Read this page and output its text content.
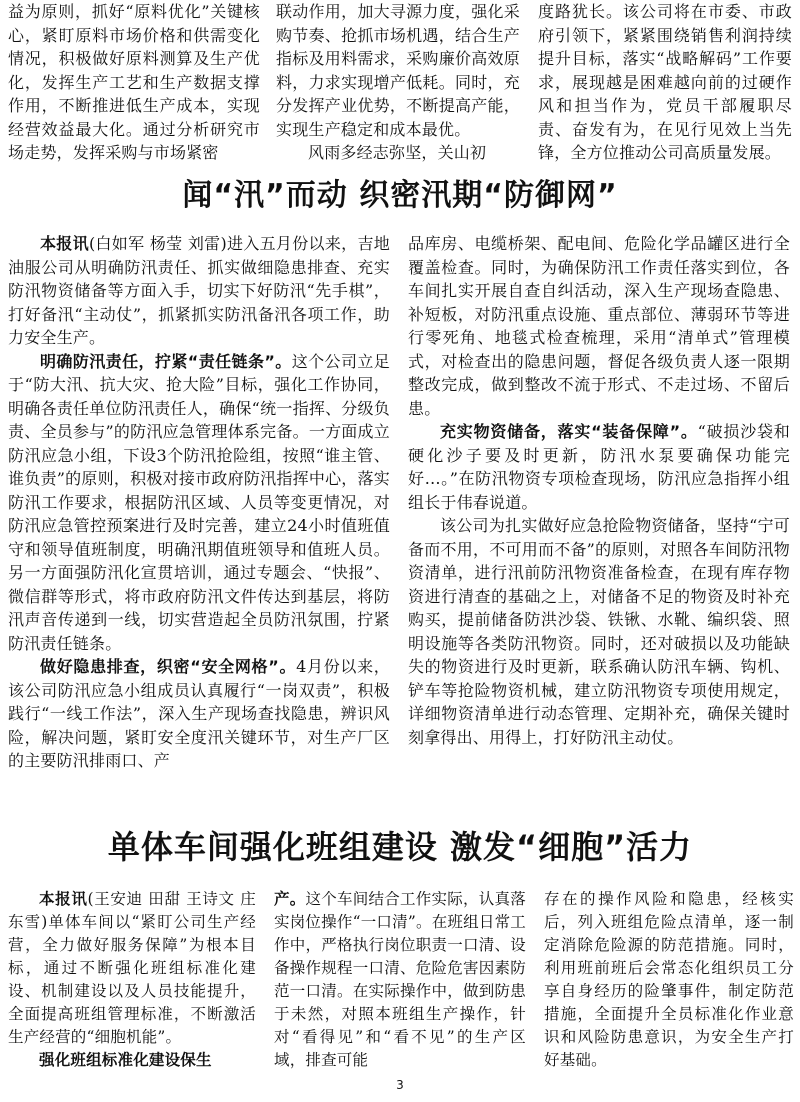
益为原则，抓好“原料优化”关键核心，紧盯原料市场价格和供需变化情况，积极做好原料测算及生产优化，发挥生产工艺和生产数据支撑作用，不断推进低生产成本，实现经营效益最大化。通过分析研究市场走势，发挥采购与市场紧密

联动作用，加大寻源力度，强化采购节奏、抢抓市场机遇，结合生产指标及用料需求，采购廉价高效原料，力求实现增产低耗。同时，充分发挥产业优势，不断提高产能，实现生产稳定和成本最优。

风雨多经志弥坚，关山初

度路犹长。该公司将在市委、市政府引领下，紧紧围绕销售利润持续提升目标，落实“战略解码”工作要求，展现越是困难越向前的过硬作风和担当作为，党员干部履职尽责、奋发有为，在见行见效上当先锋，全方位推动公司高质量发展。

闻“汛”而动 织密汛期“防御网”

本报讯(白如军 杨莹 刘雷)进入五月份以来，吉地油服公司从明确防汛责任、抓实做细隐患排查、充实防汛物资储备等方面入手，切实下好防汛“先手棋”，打好备汛“主动仗”，抓紧抓实防汛备汛各项工作，助力安全生产。

明确防汛责任，拧紧“责任链条”。这个公司立足于“防大汛、抗大灾、抢大险”目标，强化工作协同，明确各责任单位防汛责任人，确保“统一指挥、分级负责、全员参与”的防汛应急管理体系完备。一方面成立防汛应急小组，下设3个防汛抢险组，按照“谁主管、谁负责”的原则，积极对接市政府防汛指挥中心，落实防汛工作要求，根据防汛区域、人员等变更情况，对防汛应急管控预案进行及时完善，建立24小时值班值守和领导值班制度，明确汛期值班领导和值班人员。另一方面强防汛化宣贯培训，通过专题会、“快报”、微信群等形式，将市政府防汛文件传达到基层，将防汛声音传递到一线，切实营造起全员防汛氛围，拧紧防汛责任链条。

做好隐患排查，织密“安全网格”。4月份以来，该公司防汛应急小组成员认真履行“一岗双责”，积极践行“一线工作法”，深入生产现场查找隐患，辨识风险，解决问题，紧盯安全度汛关键环节，对生产厂区的主要防汛排雨口、产

品库房、电缆桥架、配电间、危险化学品罐区进行全覆盖检查。同时，为确保防汛工作责任落实到位，各车间扎实开展自查自纠活动，深入生产现场查隐患、补短板，对防汛重点设施、重点部位、薄弱环节等进行零死角、地毯式检查梳理，采用“清单式”管理模式，对检查出的隐患问题，督促各级负责人逐一限期整改完成，做到整改不流于形式、不走过场、不留后患。

充实物资储备，落实“装备保障”。“破损沙袋和硬化沙子要及时更新，防汛水泵要确保功能完好…。”在防汛物资专项检查现场，防汛应急指挥小组组长于伟春说道。

该公司为扎实做好应急抢险物资储备，坚持“宁可备而不用，不可用而不备”的原则，对照各车间防汛物资清单，进行汛前防汛物资准备检查，在现有库存物资进行清查的基础之上，对储备不足的物资及时补充购买，提前储备防洪沙袋、铁锹、水靴、编织袋、照明设施等各类防汛物资。同时，还对破损以及功能缺失的物资进行及时更新，联系确认防汛车辆、钩机、铲车等抢险物资机械，建立防汛物资专项使用规定，详细物资清单进行动态管理、定期补充，确保关键时刻拿得出、用得上，打好防汛主动仗。

单体车间强化班组建设 激发“细胞”活力

本报讯(王安迪 田甜 王诗文 庄东雪)单体车间以“紧盯公司生产经营，全力做好服务保障”为根本目标，通过不断强化班组标准化建设、机制建设以及人员技能提升，全面提高班组管理标准，不断激活生产经营的“细胞机能”。

强化班组标准化建设保生

产。这个车间结合工作实际，认真落实岗位操作“一口清”。在班组日常工作中，严格执行岗位职责一口清、设备操作规程一口清、危险危害因素防范一口清。在实际操作中，做到防患于未然，对照本班组生产操作，针对“看得见”和“看不见”的生产区域，排查可能

存在的操作风险和隐患，经核实后，列入班组危险点清单，逐一制定消除危险源的防范措施。同时，利用班前班后会常态化组织员工分享自身经历的险肇事件，制定防范措施，全面提升全员标准化作业意识和风险防患意识，为安全生产打好基础。

3
